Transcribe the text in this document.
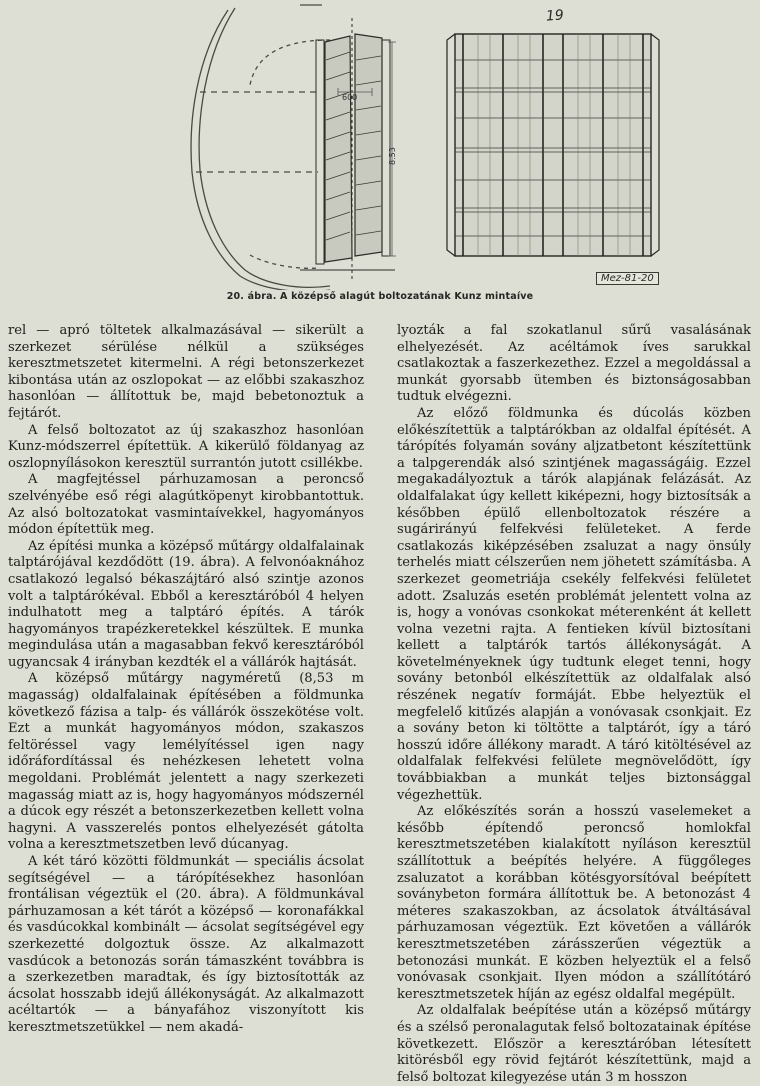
600
8.53
19
Mez-81-20
20. ábra. A középső alagút boltozatának Kunz mintaíve

rel — apró töltetek alkalmazásával — sikerült a szerkezet sérülése nélkül a szükséges keresztmetszetet kitermelni. A régi betonszerkezet kibontása után az oszlopokat — az előbbi szakaszhoz hasonlóan — állítottuk be, majd bebetonoztuk a fejtárót.

A felső boltozatot az új szakaszhoz hasonlóan Kunz-módszerrel építettük. A kikerülő földanyag az oszlopnyílásokon keresztül surrantón jutott csillékbe.

A magfejtéssel párhuzamosan a peroncső szelvényébe eső régi alagútköpenyt kirobbantottuk. Az alsó boltozatokat vasmintaívekkel, hagyományos módon építettük meg.

Az építési munka a középső műtárgy oldalfalainak talptárójával kezdődött (19. ábra). A felvonóaknához csatlakozó legalsó békaszájtáró alsó szintje azonos volt a talptárókéval. Ebből a keresztáróból 4 helyen indulhatott meg a talptáró építés. A tárók hagyományos trapézkeretekkel készültek. E munka megindulása után a magasabban fekvő keresztáróból ugyancsak 4 irányban kezdték el a vállárók hajtását.

A középső műtárgy nagyméretű (8,53 m magasság) oldalfalainak építésében a földmunka következő fázisa a talp- és vállárók összekötése volt. Ezt a munkát hagyományos módon, szakaszos feltöréssel vagy lemélyítéssel igen nagy időráfordítással és nehézkesen lehetett volna megoldani. Problémát jelentett a nagy szerkezeti magasság miatt az is, hogy hagyományos módszernél a dúcok egy részét a betonszerkezetben kellett volna hagyni. A vasszerelés pontos elhelyezését gátolta volna a keresztmetszetben levő dúcanyag.

A két táró közötti földmunkát — speciális ácsolat segítségével — a tárópítésekhez hasonlóan frontálisan végeztük el (20. ábra). A földmunkával párhuzamosan a két tárót a középső — koronafákkal és vasdúcokkal kombinált — ácsolat segítségével egy szerkezetté dolgoztuk össze. Az alkalmazott vasdúcok a betonozás során támaszként továbbra is a szerkezetben maradtak, és így biztosították az ácsolat hosszabb idejű állékonyságát. Az alkalmazott acéltartók — a bányafához viszonyított kis keresztmetszetükkel — nem akadá-

lyozták a fal szokatlanul sűrű vasalásának elhelyezését. Az acéltámok íves sarukkal csatlakoztak a faszerkezethez. Ezzel a megoldással a munkát gyorsabb ütemben és biztonságosabban tudtuk elvégezni.

Az előző földmunka és dúcolás közben előkészítettük a talptárókban az oldalfal építését. A tárópítés folyamán sovány aljzatbetont készítettünk a talpgerendák alsó szintjének magasságáig. Ezzel megakadályoztuk a tárók alapjának felázását. Az oldalfalakat úgy kellett kiképezni, hogy biztosítsák a későbben épülő ellenboltozatok részére a sugárirányú felfekvési felületeket. A ferde csatlakozás kiképzésében zsaluzat a nagy önsúly terhelés miatt célszerűen nem jöhetett számításba. A szerkezet geometriája csekély felfekvési felületet adott. Zsaluzás esetén problémát jelentett volna az is, hogy a vonóvas csonkokat méterenként át kellett volna vezetni rajta. A fentieken kívül biztosítani kellett a talptárók tartós állékonyságát. A követelményeknek úgy tudtunk eleget tenni, hogy sovány betonból elkészítettük az oldalfalak alsó részének negatív formáját. Ebbe helyeztük el megfelelő kitűzés alapján a vonóvasak csonkjait. Ez a sovány beton ki töltötte a talptárót, így a táró hosszú időre állékony maradt. A táró kitöltésével az oldalfalak felfekvési felülete megnövelődött, így továbbiakban a munkát teljes biztonsággal végezhettük.

Az előkészítés során a hosszú vaselemeket a később építendő peroncső homlokfal keresztmetszetében kialakított nyíláson keresztül szállítottuk a beépítés helyére. A függőleges zsaluzatot a korábban kötésgyorsítóval beépített soványbeton formára állítottuk be. A betonozást 4 méteres szakaszokban, az ácsolatok átváltásával párhuzamosan végeztük. Ezt követően a vállárók keresztmetszetében zárásszerűen végeztük a betonozási munkát. E közben helyeztük el a felső vonóvasak csonkjait. Ilyen módon a szállítótáró keresztmetszetek híján az egész oldalfal megépült.

Az oldalfalak beépítése után a középső műtárgy és a szélső peronalagutak felső boltozatainak építése következett. Először a keresztáróban létesített kitörésből egy rövid fejtárót készítettünk, majd a felső boltozat kilegyezése után 3 m hosszon
